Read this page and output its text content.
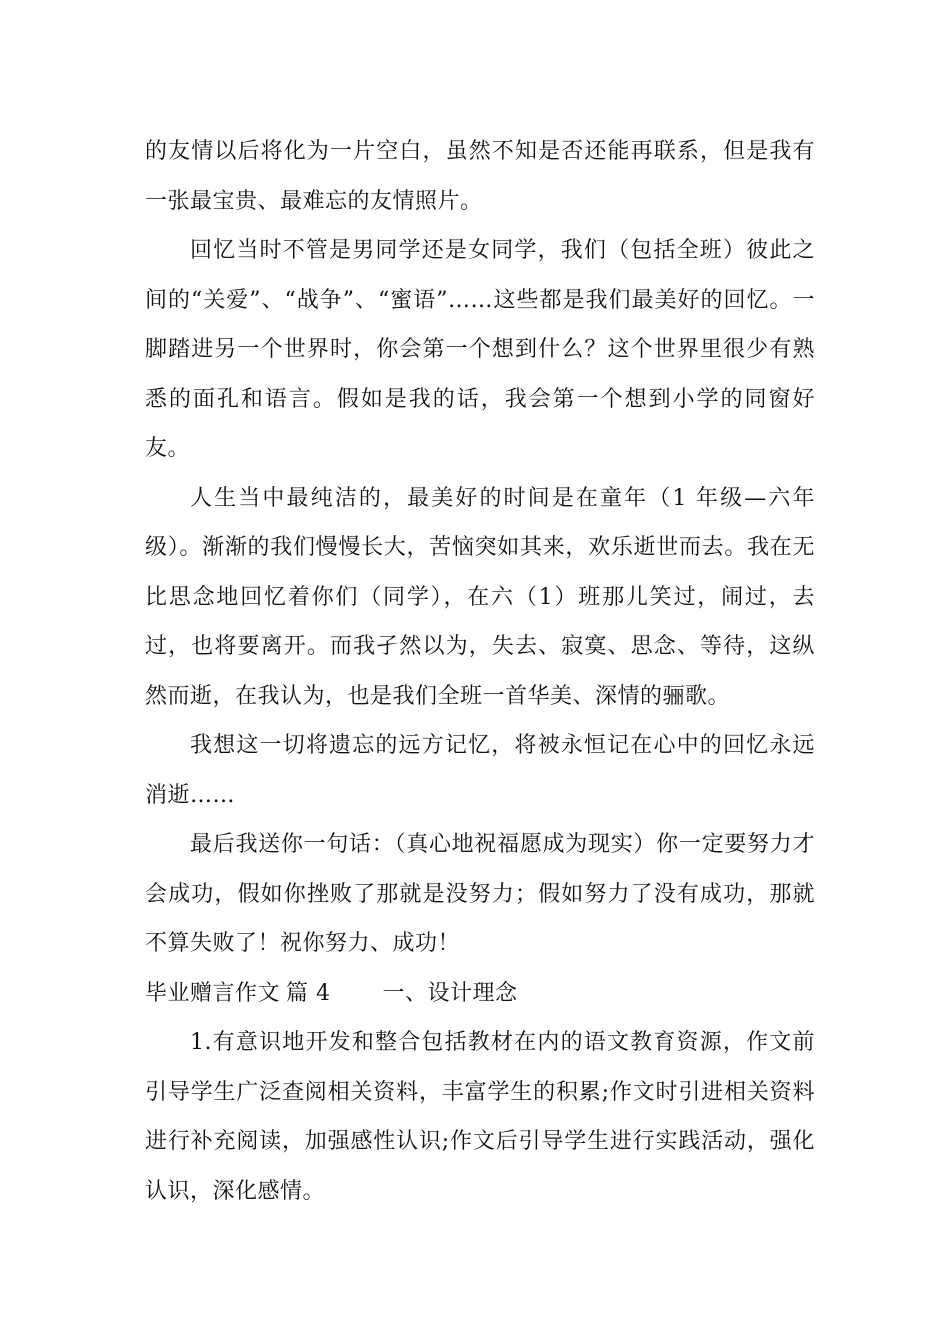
的友情以后将化为一片空白，虽然不知是否还能再联系，但是我有一张最宝贵、最难忘的友情照片。

回忆当时不管是男同学还是女同学，我们（包括全班）彼此之间的“关爱”、“战争”、“蜜语”……这些都是我们最美好的回忆。一脚踏进另一个世界时，你会第一个想到什么？这个世界里很少有熟悉的面孔和语言。假如是我的话，我会第一个想到小学的同窗好友。

人生当中最纯洁的，最美好的时间是在童年（1 年级—六年级）。渐渐的我们慢慢长大，苦恼突如其来，欢乐逝世而去。我在无比思念地回忆着你们（同学），在六（1）班那儿笑过，闹过，去过，也将要离开。而我孑然以为，失去、寂寞、思念、等待，这纵然而逝，在我认为，也是我们全班一首华美、深情的骊歌。

我想这一切将遗忘的远方记忆，将被永恒记在心中的回忆永远消逝……

最后我送你一句话：（真心地祝福愿成为现实）你一定要努力才会成功，假如你挫败了那就是没努力；假如努力了没有成功，那就不算失败了！祝你努力、成功！

毕业赠言作文 篇 4 一、设计理念

1.有意识地开发和整合包括教材在内的语文教育资源，作文前引导学生广泛查阅相关资料，丰富学生的积累;作文时引进相关资料进行补充阅读，加强感性认识;作文后引导学生进行实践活动，强化认识，深化感情。
